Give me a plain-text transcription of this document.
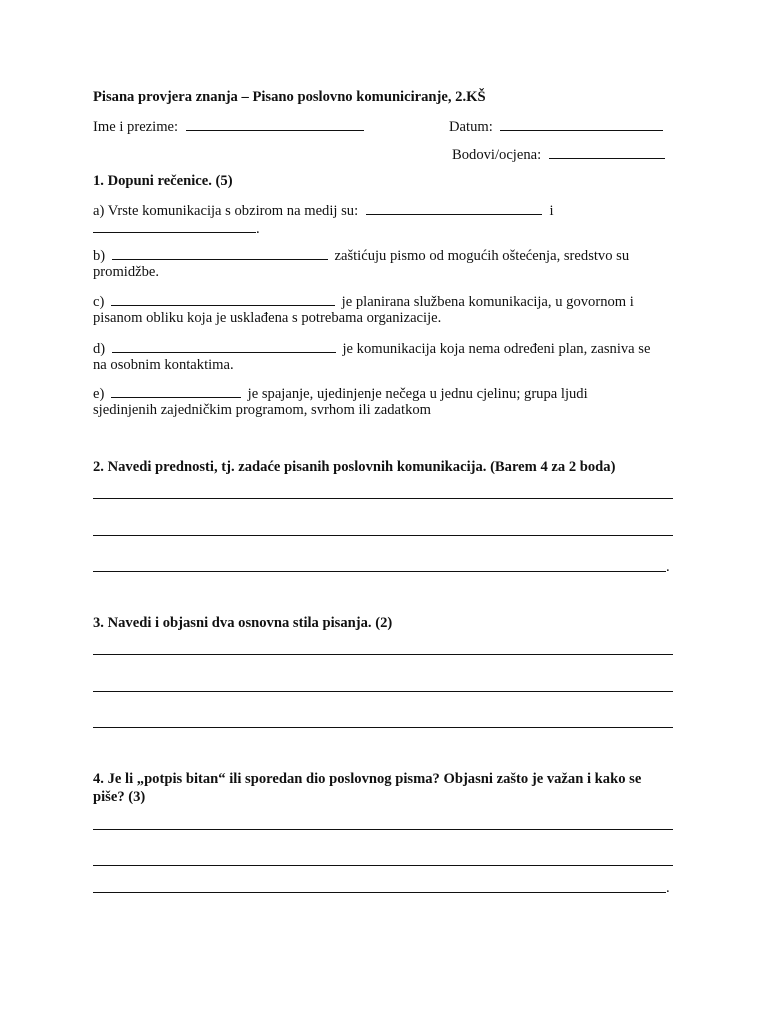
Pisana provjera znanja – Pisano poslovno komuniciranje, 2.KŠ
Ime i prezime:	Datum:
Bodovi/ocjena:
1. Dopuni rečenice. (5)
a) Vrste komunikacija s obzirom na medij su:	i
.
b)	zaštićuju pismo od mogućih oštećenja, sredstvo su
promidžbe.
c)	je planirana službena komunikacija, u govornom i
pisanom obliku koja je usklađena s potrebama organizacije.
d)	je komunikacija koja nema određeni plan, zasniva se
na osobnim kontaktima.
e)	je spajanje, ujedinjenje nečega u jednu cjelinu; grupa ljudi
sjedinjenih zajedničkim programom, svrhom ili zadatkom
2. Navedi prednosti, tj. zadaće pisanih poslovnih komunikacija. (Barem 4 za 2 boda)
.
3. Navedi i objasni dva osnovna stila pisanja. (2)
4. Je li „potpis bitan“ ili sporedan dio poslovnog pisma? Objasni zašto je važan i kako se
piše? (3)
.
